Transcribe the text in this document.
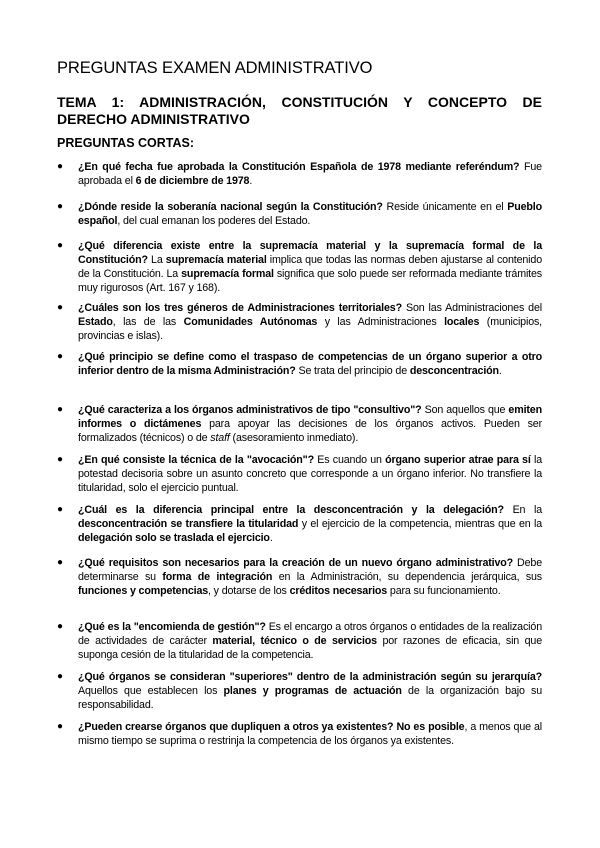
PREGUNTAS EXAMEN ADMINISTRATIVO
TEMA 1: ADMINISTRACIÓN, CONSTITUCIÓN Y CONCEPTO DE DERECHO ADMINISTRATIVO
PREGUNTAS CORTAS:
●	¿En qué fecha fue aprobada la Constitución Española de 1978 mediante referéndum? Fue aprobada el 6 de diciembre de 1978.
●	¿Dónde reside la soberanía nacional según la Constitución? Reside únicamente en el Pueblo español, del cual emanan los poderes del Estado.
●	¿Qué diferencia existe entre la supremacía material y la supremacía formal de la Constitución? La supremacía material implica que todas las normas deben ajustarse al contenido de la Constitución. La supremacía formal significa que solo puede ser reformada mediante trámites muy rigurosos (Art. 167 y 168).
●	¿Cuáles son los tres géneros de Administraciones territoriales? Son las Administraciones del Estado, las de las Comunidades Autónomas y las Administraciones locales (municipios, provincias e islas).
●	¿Qué principio se define como el traspaso de competencias de un órgano superior a otro inferior dentro de la misma Administración? Se trata del principio de desconcentración.
●	¿Qué caracteriza a los órganos administrativos de tipo "consultivo"? Son aquellos que emiten informes o dictámenes para apoyar las decisiones de los órganos activos. Pueden ser formalizados (técnicos) o de staff (asesoramiento inmediato).
●	¿En qué consiste la técnica de la "avocación"? Es cuando un órgano superior atrae para sí la potestad decisoria sobre un asunto concreto que corresponde a un órgano inferior. No transfiere la titularidad, solo el ejercicio puntual.
●	¿Cuál es la diferencia principal entre la desconcentración y la delegación? En la desconcentración se transfiere la titularidad y el ejercicio de la competencia, mientras que en la delegación solo se traslada el ejercicio.
●	¿Qué requisitos son necesarios para la creación de un nuevo órgano administrativo? Debe determinarse su forma de integración en la Administración, su dependencia jerárquica, sus funciones y competencias, y dotarse de los créditos necesarios para su funcionamiento.
●	¿Qué es la "encomienda de gestión"? Es el encargo a otros órganos o entidades de la realización de actividades de carácter material, técnico o de servicios por razones de eficacia, sin que suponga cesión de la titularidad de la competencia.
●	¿Qué órganos se consideran "superiores" dentro de la administración según su jerarquía? Aquellos que establecen los planes y programas de actuación de la organización bajo su responsabilidad.
●	¿Pueden crearse órganos que dupliquen a otros ya existentes? No es posible, a menos que al mismo tiempo se suprima o restrinja la competencia de los órganos ya existentes.
